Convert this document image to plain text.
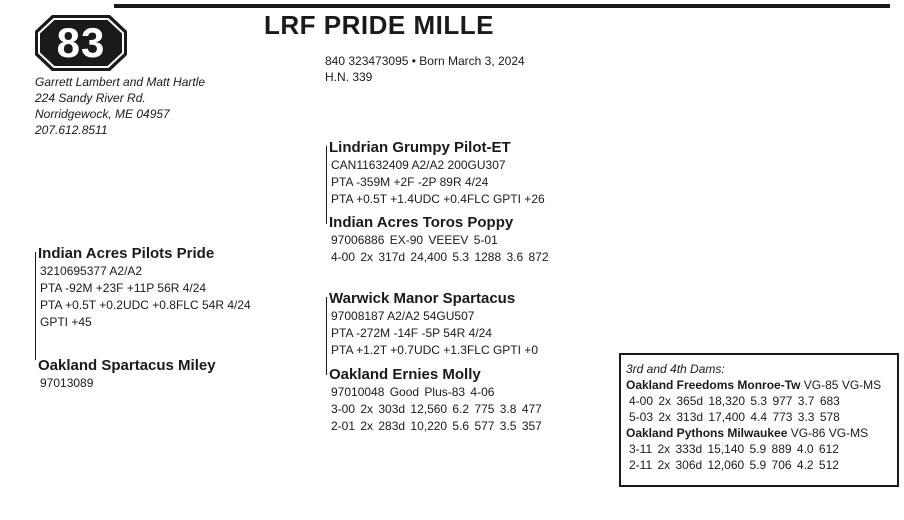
83
Garrett Lambert and Matt Hartle
224 Sandy River Rd.
Norridgewock, ME 04957
207.612.8511
LRF PRIDE MILLE
840 323473095 • Born March 3, 2024
H.N. 339
Lindrian Grumpy Pilot-ET
CAN11632409 A2/A2 200GU307
PTA -359M +2F -2P 89R 4/24
PTA +0.5T +1.4UDC +0.4FLC GPTI +26
Indian Acres Toros Poppy
97006886 EX-90 VEEEV 5-01
4-00 2x 317d 24,400 5.3 1288 3.6 872
Indian Acres Pilots Pride
3210695377 A2/A2
PTA -92M +23F +11P 56R 4/24
PTA +0.5T +0.2UDC +0.8FLC 54R 4/24
GPTI +45
Oakland Spartacus Miley
97013089
Warwick Manor Spartacus
97008187 A2/A2 54GU507
PTA -272M -14F -5P 54R 4/24
PTA +1.2T +0.7UDC +1.3FLC GPTI +0
Oakland Ernies Molly
97010048 Good Plus-83 4-06
3-00 2x 303d 12,560 6.2 775 3.8 477
2-01 2x 283d 10,220 5.6 577 3.5 357
3rd and 4th Dams:
Oakland Freedoms Monroe-Tw VG-85 VG-MS
4-00 2x 365d 18,320 5.3 977 3.7 683
5-03 2x 313d 17,400 4.4 773 3.3 578
Oakland Pythons Milwaukee VG-86 VG-MS
3-11 2x 333d 15,140 5.9 889 4.0 612
2-11 2x 306d 12,060 5.9 706 4.2 512
